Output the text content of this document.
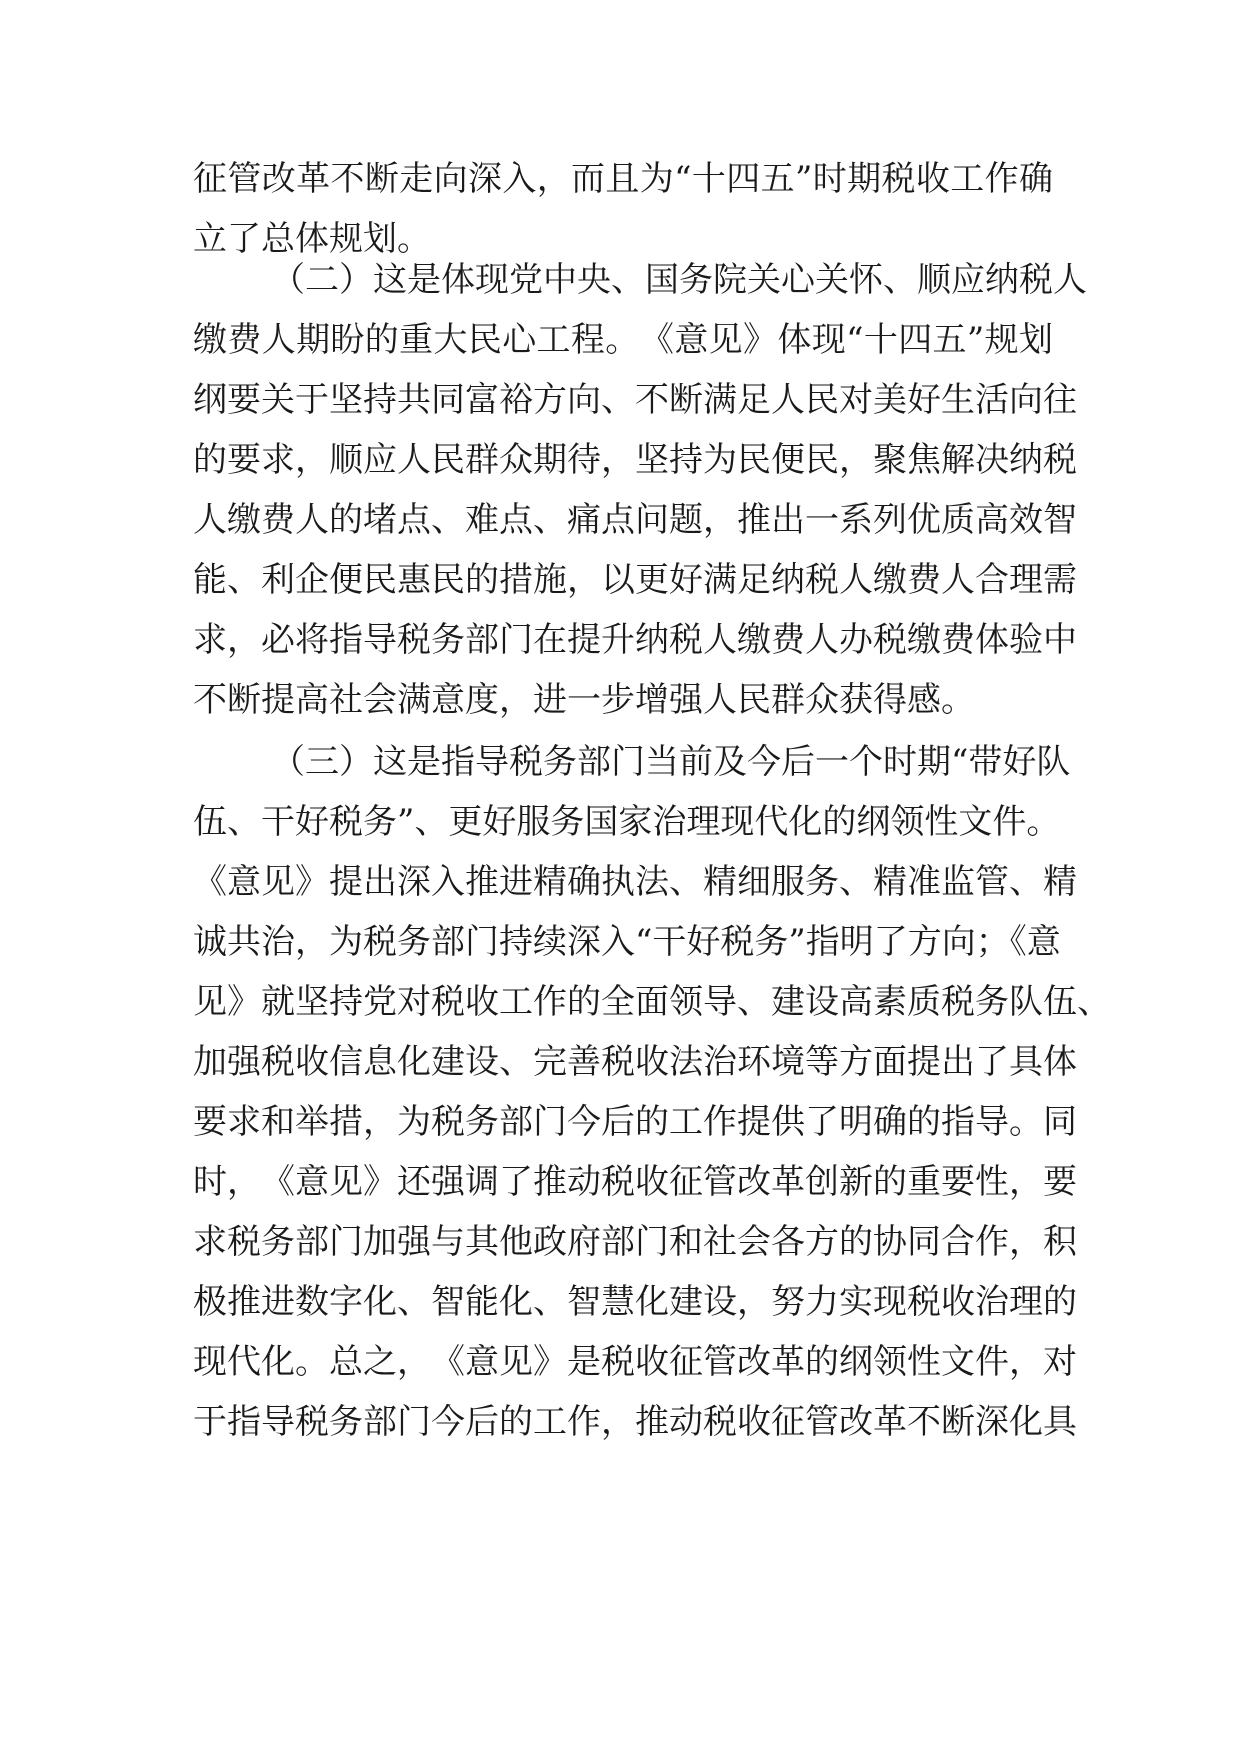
征管改革不断走向深入，而且为“十四五”时期税收工作确
立了总体规划。
（二）这是体现党中央、国务院关心关怀、顺应纳税人
缴费人期盼的重大民心工程。　《意见》体现“十四五”规划
纲要关于坚持共同富裕方向、不断满足人民对美好生活向往
的要求，顺应人民群众期待，坚持为民便民，聚焦解决纳税
人缴费人的堵点、难点、痛点问题，推出一系列优质高效智
能、利企便民惠民的措施，以更好满足纳税人缴费人合理需
求，必将指导税务部门在提升纳税人缴费人办税缴费体验中
不断提高社会满意度，进一步增强人民群众获得感。
（三）这是指导税务部门当前及今后一个时期“带好队
伍、干好税务”、更好服务国家治理现代化的纲领性文件。
《意见》提出深入推进精确执法、精细服务、精准监管、精
诚共治，为税务部门持续深入“干好税务”指明了方向；《意
见》就坚持党对税收工作的全面领导、建设高素质税务队伍、
加强税收信息化建设、完善税收法治环境等方面提出了具体
要求和举措，为税务部门今后的工作提供了明确的指导。同
时，　《意见》还强调了推动税收征管改革创新的重要性，要
求税务部门加强与其他政府部门和社会各方的协同合作，积
极推进数字化、智能化、智慧化建设，努力实现税收治理的
现代化。总之，　《意见》是税收征管改革的纲领性文件，对
于指导税务部门今后的工作，推动税收征管改革不断深化具
